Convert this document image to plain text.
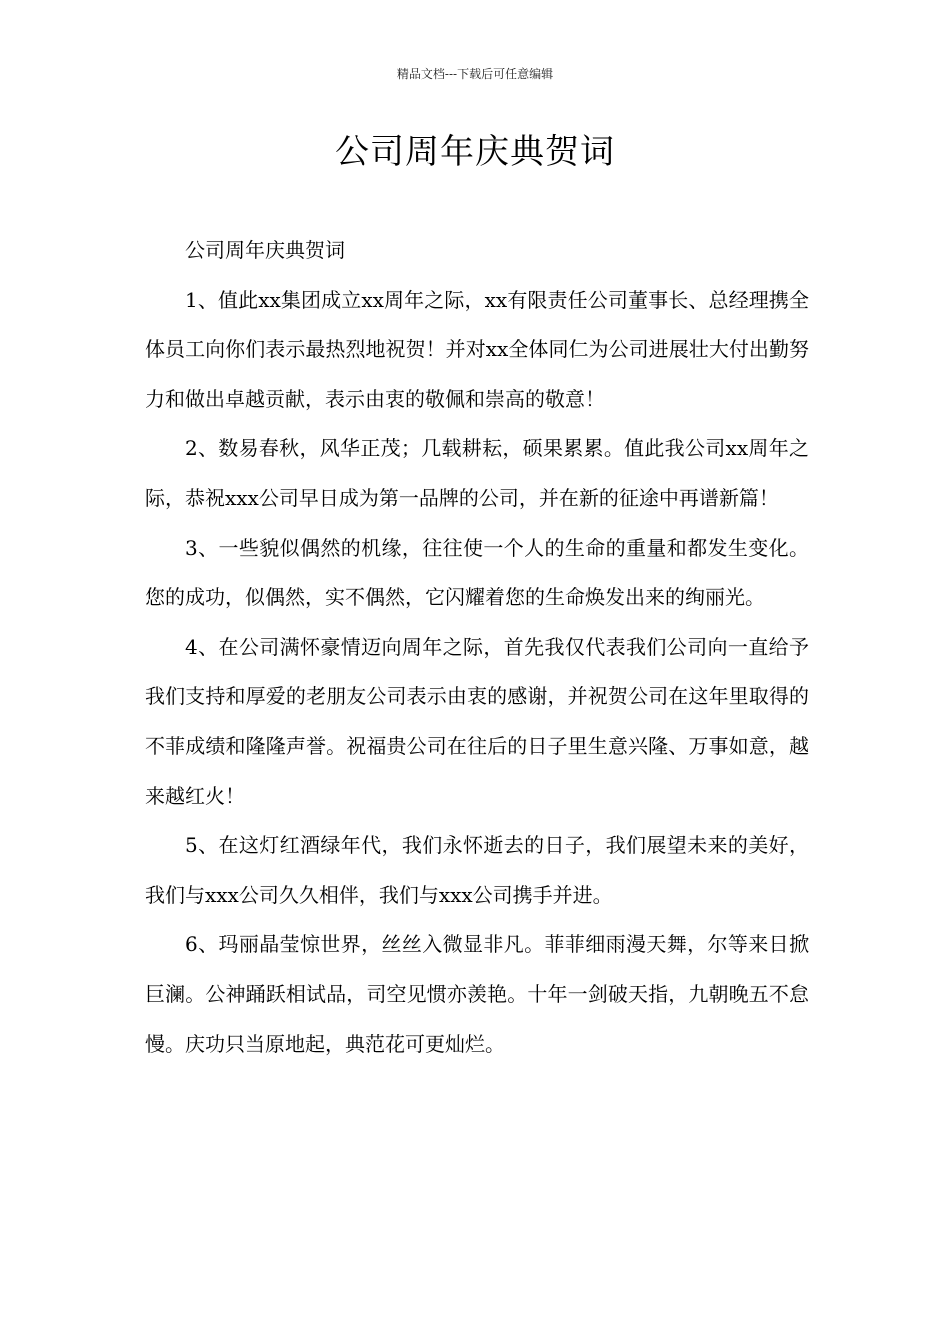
精品文档---下载后可任意编辑
公司周年庆典贺词

公司周年庆典贺词

1、值此xx集团成立xx周年之际，xx有限责任公司董事长、总经理携全体员工向你们表示最热烈地祝贺！并对xx全体同仁为公司进展壮大付出勤努力和做出卓越贡献，表示由衷的敬佩和崇高的敬意！

2、数易春秋，风华正茂；几载耕耘，硕果累累。值此我公司xx周年之际，恭祝xxx公司早日成为第一品牌的公司，并在新的征途中再谱新篇！

3、一些貌似偶然的机缘，往往使一个人的生命的重量和都发生变化。您的成功，似偶然，实不偶然，它闪耀着您的生命焕发出来的绚丽光。

4、在公司满怀豪情迈向周年之际，首先我仅代表我们公司向一直给予我们支持和厚爱的老朋友公司表示由衷的感谢，并祝贺公司在这年里取得的不菲成绩和隆隆声誉。祝福贵公司在往后的日子里生意兴隆、万事如意，越来越红火！

5、在这灯红酒绿年代，我们永怀逝去的日子，我们展望未来的美好，我们与xxx公司久久相伴，我们与xxx公司携手并进。

6、玛丽晶莹惊世界，丝丝入微显非凡。菲菲细雨漫天舞，尔等来日掀巨澜。公神踊跃相试品，司空见惯亦羡艳。十年一剑破天指，九朝晚五不怠慢。庆功只当原地起，典范花可更灿烂。
